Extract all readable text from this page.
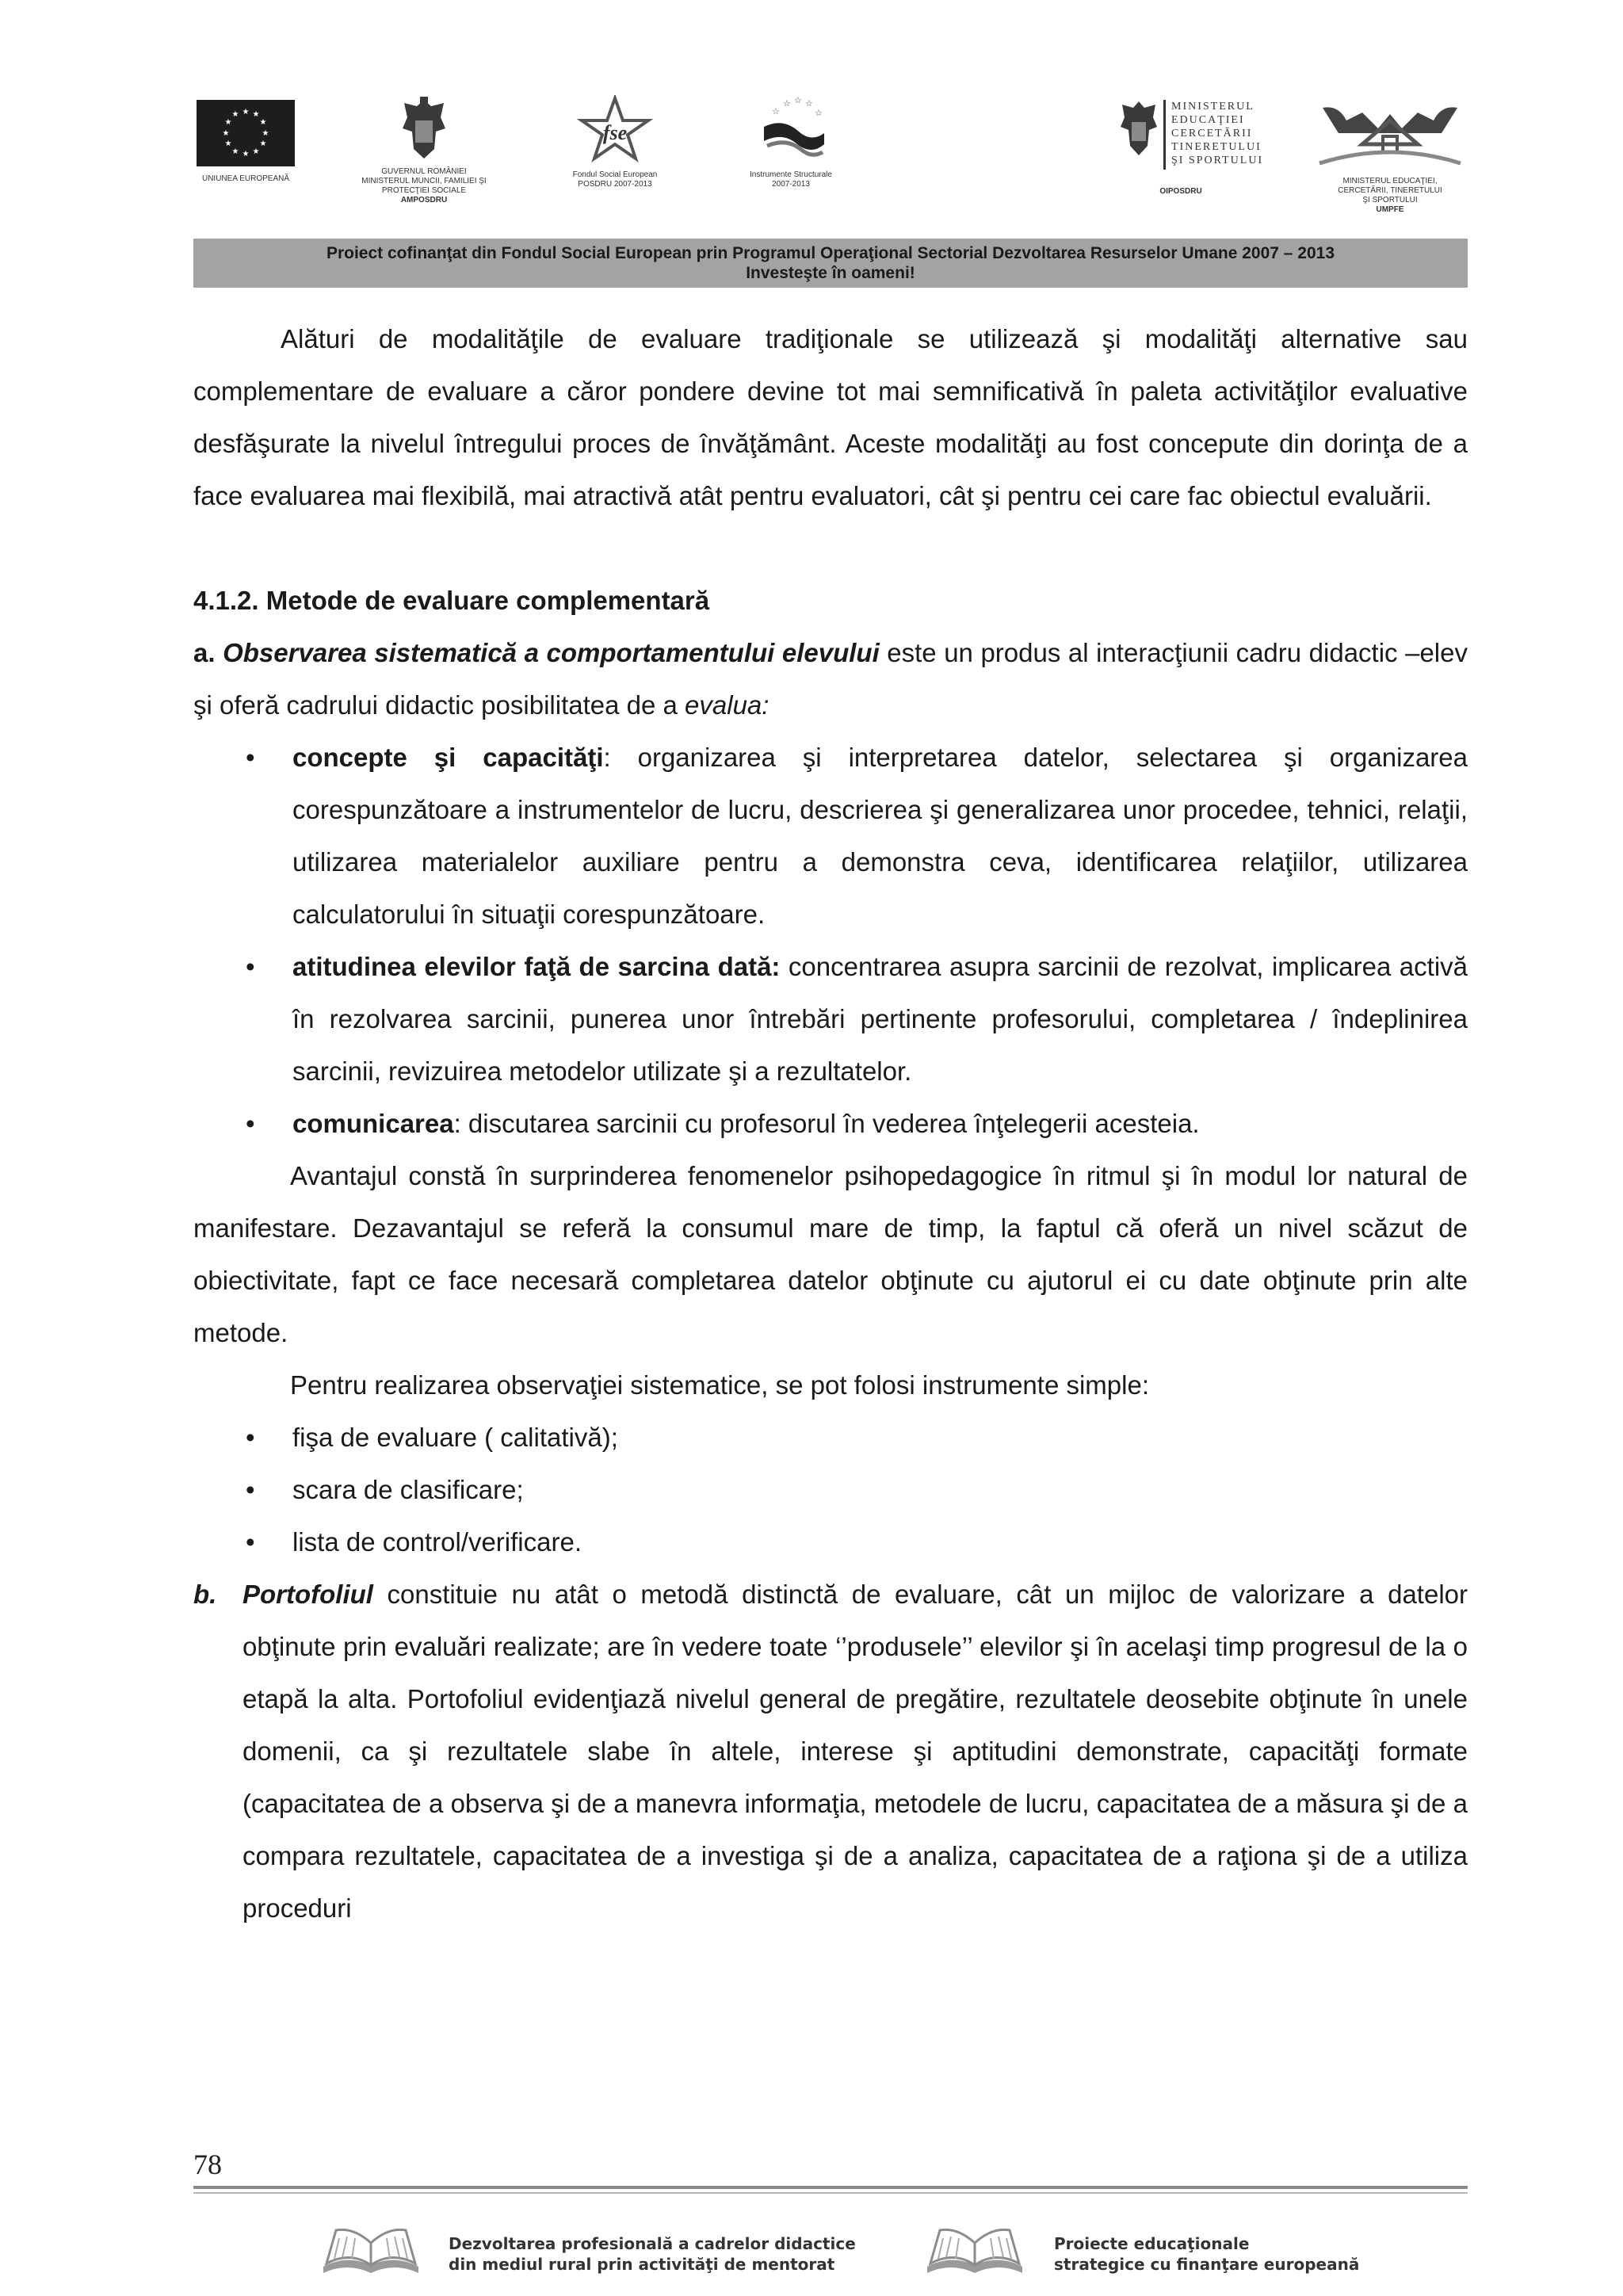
★ ★
★
★
★
★
★
★
★
★
★
★
UNIUNEA EUROPEANĂ
GUVERNUL ROMÂNIEI
MINISTERUL MUNCII, FAMILIEI ŞI
PROTECŢIEI SOCIALE
AMPOSDRU
fse
Fondul Social European
POSDRU 2007-2013
☆ ☆ ☆
☆	☆
Instrumente Structurale
2007-2013
MINISTERUL
EDUCAŢIEI
CERCETĂRII
TINERETULUI
ŞI SPORTULUI
OIPOSDRU
MINISTERUL EDUCAŢIEI,
CERCETĂRII, TINERETULUI
ŞI SPORTULUI
UMPFE
Proiect cofinanţat din Fondul Social European prin Programul Operaţional Sectorial Dezvoltarea Resurselor Umane 2007 – 2013
Investeşte în oameni!

Alături de modalităţile de evaluare tradiţionale se utilizează şi modalităţi alternative sau complementare de evaluare a căror pondere devine tot mai semnificativă în paleta activităţilor evaluative desfăşurate la nivelul întregului proces de învăţământ. Aceste modalităţi au fost concepute din dorinţa de a face evaluarea mai flexibilă, mai atractivă atât pentru evaluatori, cât şi pentru cei care fac obiectul evaluării.

4.1.2. Metode de evaluare complementară

a. Observarea sistematică a comportamentului elevului este un produs al interacţiunii cadru didactic –elev şi oferă cadrului didactic posibilitatea de a evalua:

• concepte şi capacităţi: organizarea şi interpretarea datelor, selectarea şi organizarea corespunzătoare a instrumentelor de lucru, descrierea şi generalizarea unor procedee, tehnici, relaţii, utilizarea materialelor auxiliare pentru a demonstra ceva, identificarea relaţiilor, utilizarea calculatorului în situaţii corespunzătoare.
• atitudinea elevilor faţă de sarcina dată: concentrarea asupra sarcinii de rezolvat, implicarea activă în rezolvarea sarcinii, punerea unor întrebări pertinente profesorului, completarea / îndeplinirea sarcinii, revizuirea metodelor utilizate şi a rezultatelor.
• comunicarea: discutarea sarcinii cu profesorul în vederea înţelegerii acesteia.

Avantajul constă în surprinderea fenomenelor psihopedagogice în ritmul şi în modul lor natural de manifestare. Dezavantajul se referă la consumul mare de timp, la faptul că oferă un nivel scăzut de obiectivitate, fapt ce face necesară completarea datelor obţinute cu ajutorul ei cu date obţinute prin alte metode.

Pentru realizarea observaţiei sistematice, se pot folosi instrumente simple:

• fişa de evaluare ( calitativă);
• scara de clasificare;
• lista de control/verificare.
b. Portofoliul constituie nu atât o metodă distinctă de evaluare, cât un mijloc de valorizare a datelor obţinute prin evaluări realizate; are în vedere toate ‘’produsele’’ elevilor şi în acelaşi timp progresul de la o etapă la alta. Portofoliul evidenţiază nivelul general de pregătire, rezultatele deosebite obţinute în unele domenii, ca şi rezultatele slabe în altele, interese şi aptitudini demonstrate, capacităţi formate (capacitatea de a observa şi de a manevra informaţia, metodele de lucru, capacitatea de a măsura şi de a compara rezultatele, capacitatea de a investiga şi de a analiza, capacitatea de a raţiona şi de a utiliza proceduri
78
Dezvoltarea profesională a cadrelor didactice
din mediul rural prin activităţi de mentorat
Proiecte educaţionale
strategice cu finanţare europeană
